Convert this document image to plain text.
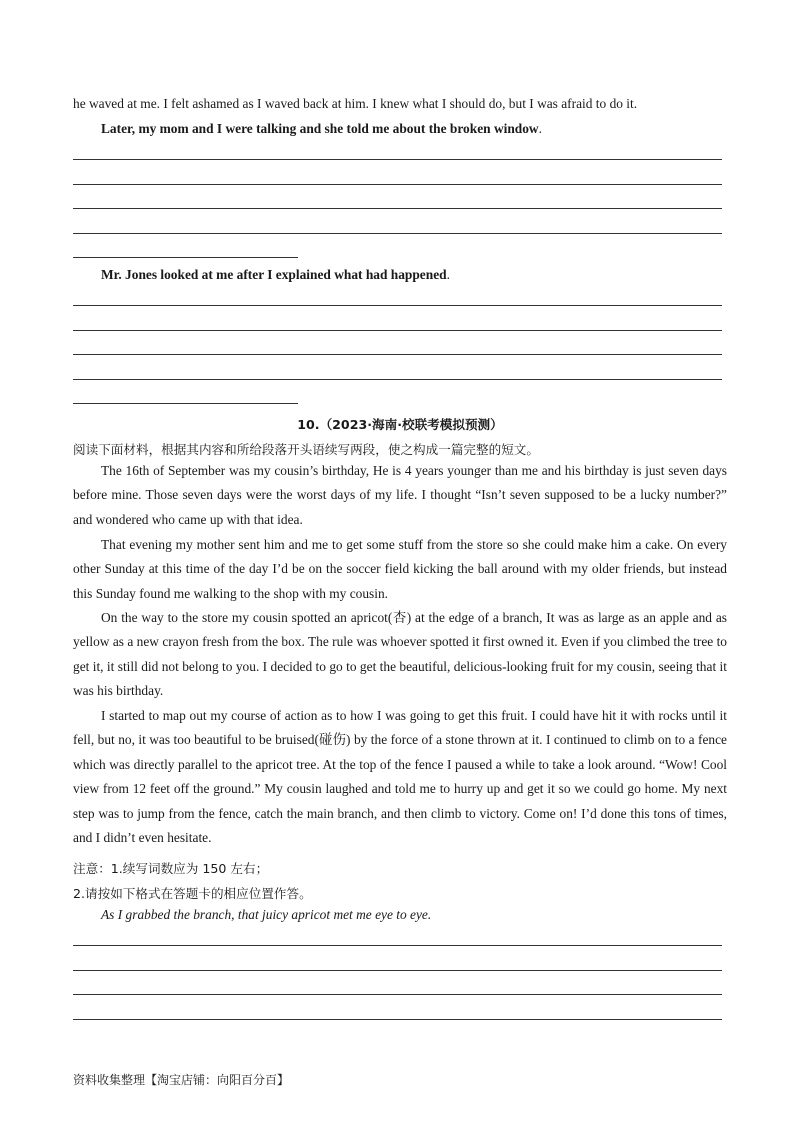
he waved at me. I felt ashamed as I waved back at him. I knew what I should do, but I was afraid to do it.
Later, my mom and I were talking and she told me about the broken window.
Mr. Jones looked at me after I explained what had happened.
10.（2023·海南·校联考模拟预测）
阅读下面材料，根据其内容和所给段落开头语续写两段，使之构成一篇完整的短文。

The 16th of September was my cousin’s birthday, He is 4 years younger than me and his birthday is just seven days before mine. Those seven days were the worst days of my life. I thought “Isn’t seven supposed to be a lucky number?” and wondered who came up with that idea.

That evening my mother sent him and me to get some stuff from the store so she could make him a cake. On every other Sunday at this time of the day I’d be on the soccer field kicking the ball around with my older friends, but instead this Sunday found me walking to the shop with my cousin.

On the way to the store my cousin spotted an apricot(杏) at the edge of a branch, It was as large as an apple and as yellow as a new crayon fresh from the box. The rule was whoever spotted it first owned it. Even if you climbed the tree to get it, it still did not belong to you. I decided to go to get the beautiful, delicious-looking fruit for my cousin, seeing that it was his birthday.

I started to map out my course of action as to how I was going to get this fruit. I could have hit it with rocks until it fell, but no, it was too beautiful to be bruised(碰伤) by the force of a stone thrown at it. I continued to climb on to a fence which was directly parallel to the apricot tree. At the top of the fence I paused a while to take a look around. “Wow! Cool view from 12 feet off the ground.” My cousin laughed and told me to hurry up and get it so we could go home. My next step was to jump from the fence, catch the main branch, and then climb to victory. Come on! I’d done this tons of times, and I didn’t even hesitate.

注意：1.续写词数应为 150 左右；
2.请按如下格式在答题卡的相应位置作答。
As I grabbed the branch, that juicy apricot met me eye to eye.
资料收集整理【淘宝店铺：向阳百分百】
